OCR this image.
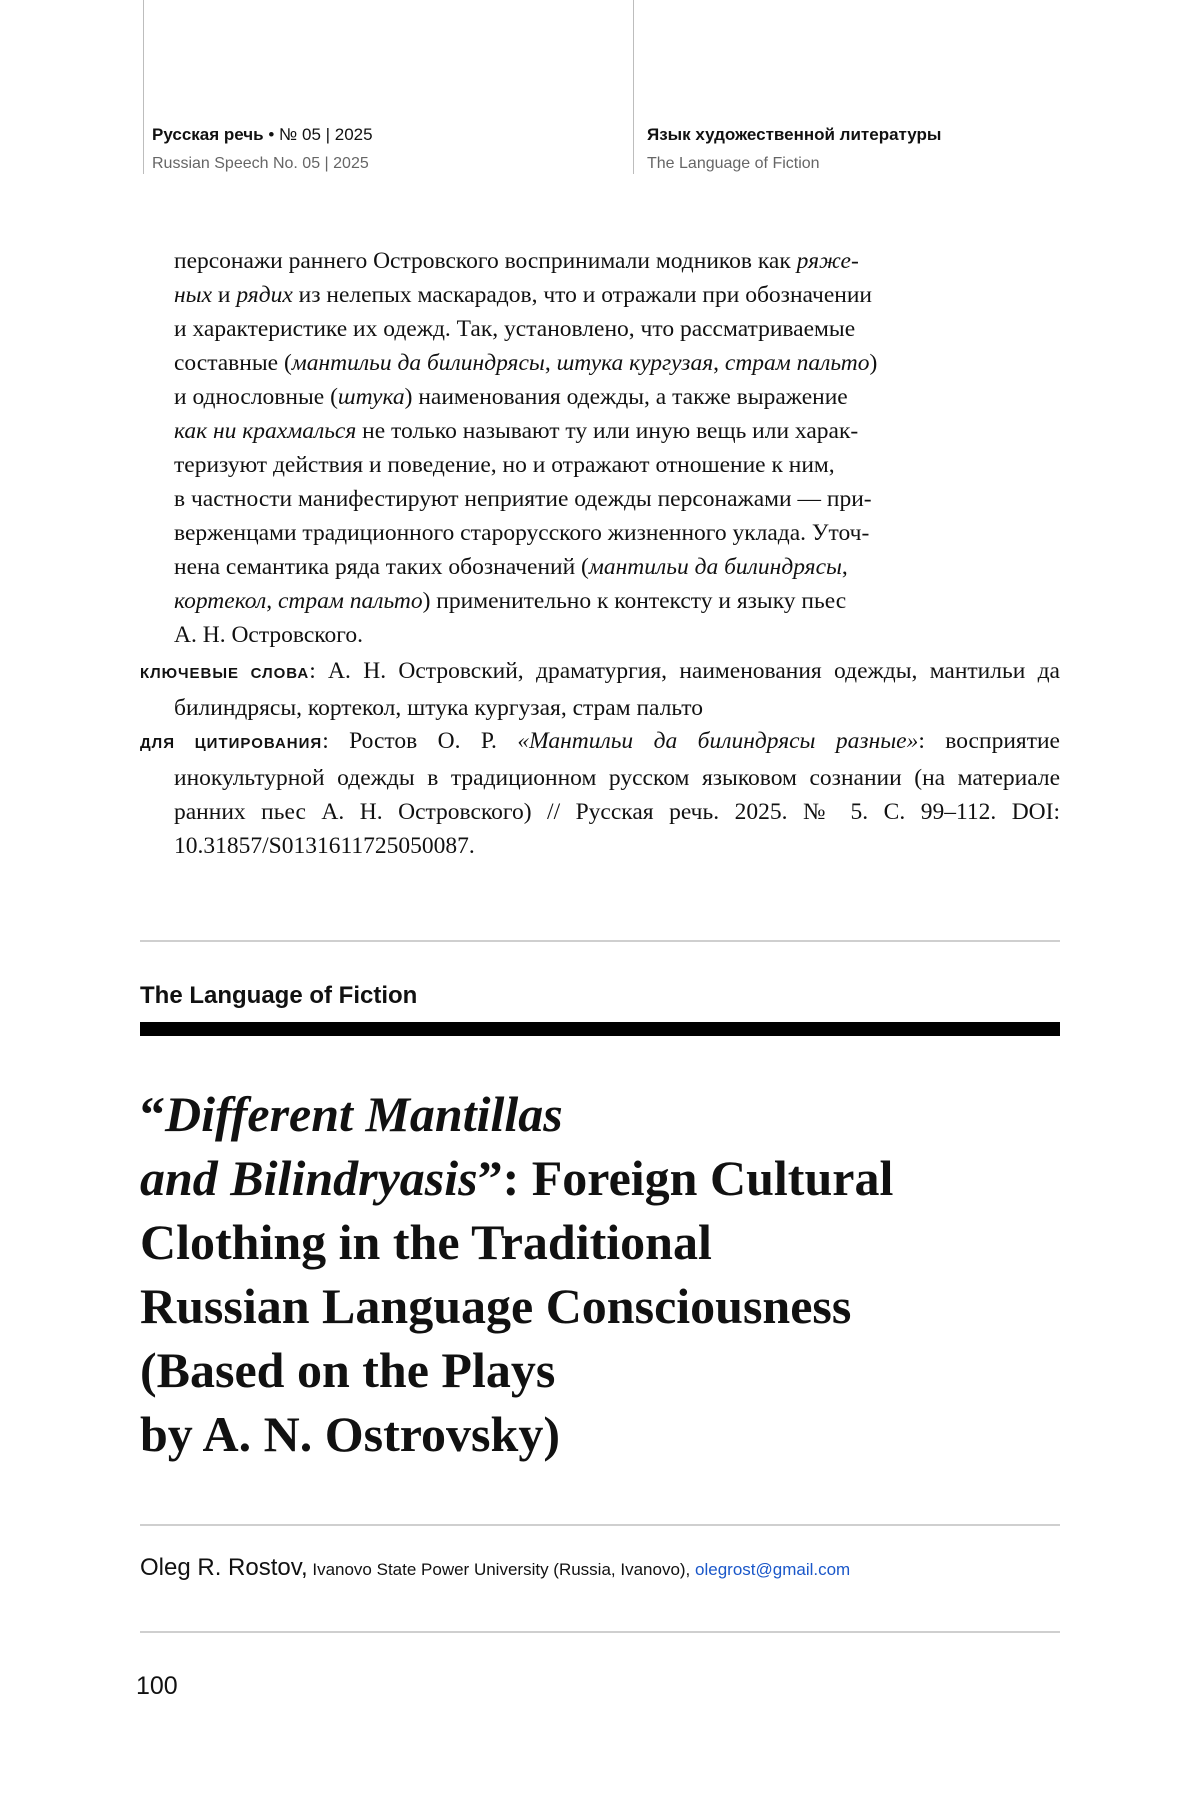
Русская речь • № 05 | 2025
Russian Speech No. 05 | 2025
Язык художественной литературы
The Language of Fiction

персонажи раннего Островского воспринимали модников как ряже-
ных и рядих из нелепых маскарадов, что и отражали при обозначении
и характеристике их одежд. Так, установлено, что рассматриваемые
составные (мантильи да билиндрясы, штука кургузая, страм пальто)
и однословные (штука) наименования одежды, а также выражение
как ни крахмалься не только называют ту или иную вещь или харак-
теризуют действия и поведение, но и отражают отношение к ним,
в частности манифестируют неприятие одежды персонажами — при-
верженцами традиционного старорусского жизненного уклада. Уточ-
нена семантика ряда таких обозначений (мантильи да билиндрясы,
кортекол, страм пальто) применительно к контексту и языку пьес
А. Н. Островского.

КЛЮЧЕВЫЕ СЛОВА: А. Н. Островский, драматургия, наименования одежды, мантильи да билиндрясы, кортекол, штука кургузая, страм пальто

ДЛЯ ЦИТИРОВАНИЯ: Ростов О. Р. «Мантильи да билиндрясы разные»: восприятие инокультурной одежды в традиционном русском языковом сознании (на материале ранних пьес А. Н. Островского) // Русская речь. 2025. № 5. С. 99–112. DOI: 10.31857/S0131611725050087.

The Language of Fiction
“Different Mantillas
and Bilindryasis”: Foreign Cultural
Clothing in the Traditional
Russian Language Consciousness
(Based on the Plays
by A. N. Ostrovsky)
Oleg R. Rostov, Ivanovo State Power University (Russia, Ivanovo), olegrost@gmail.com
100
